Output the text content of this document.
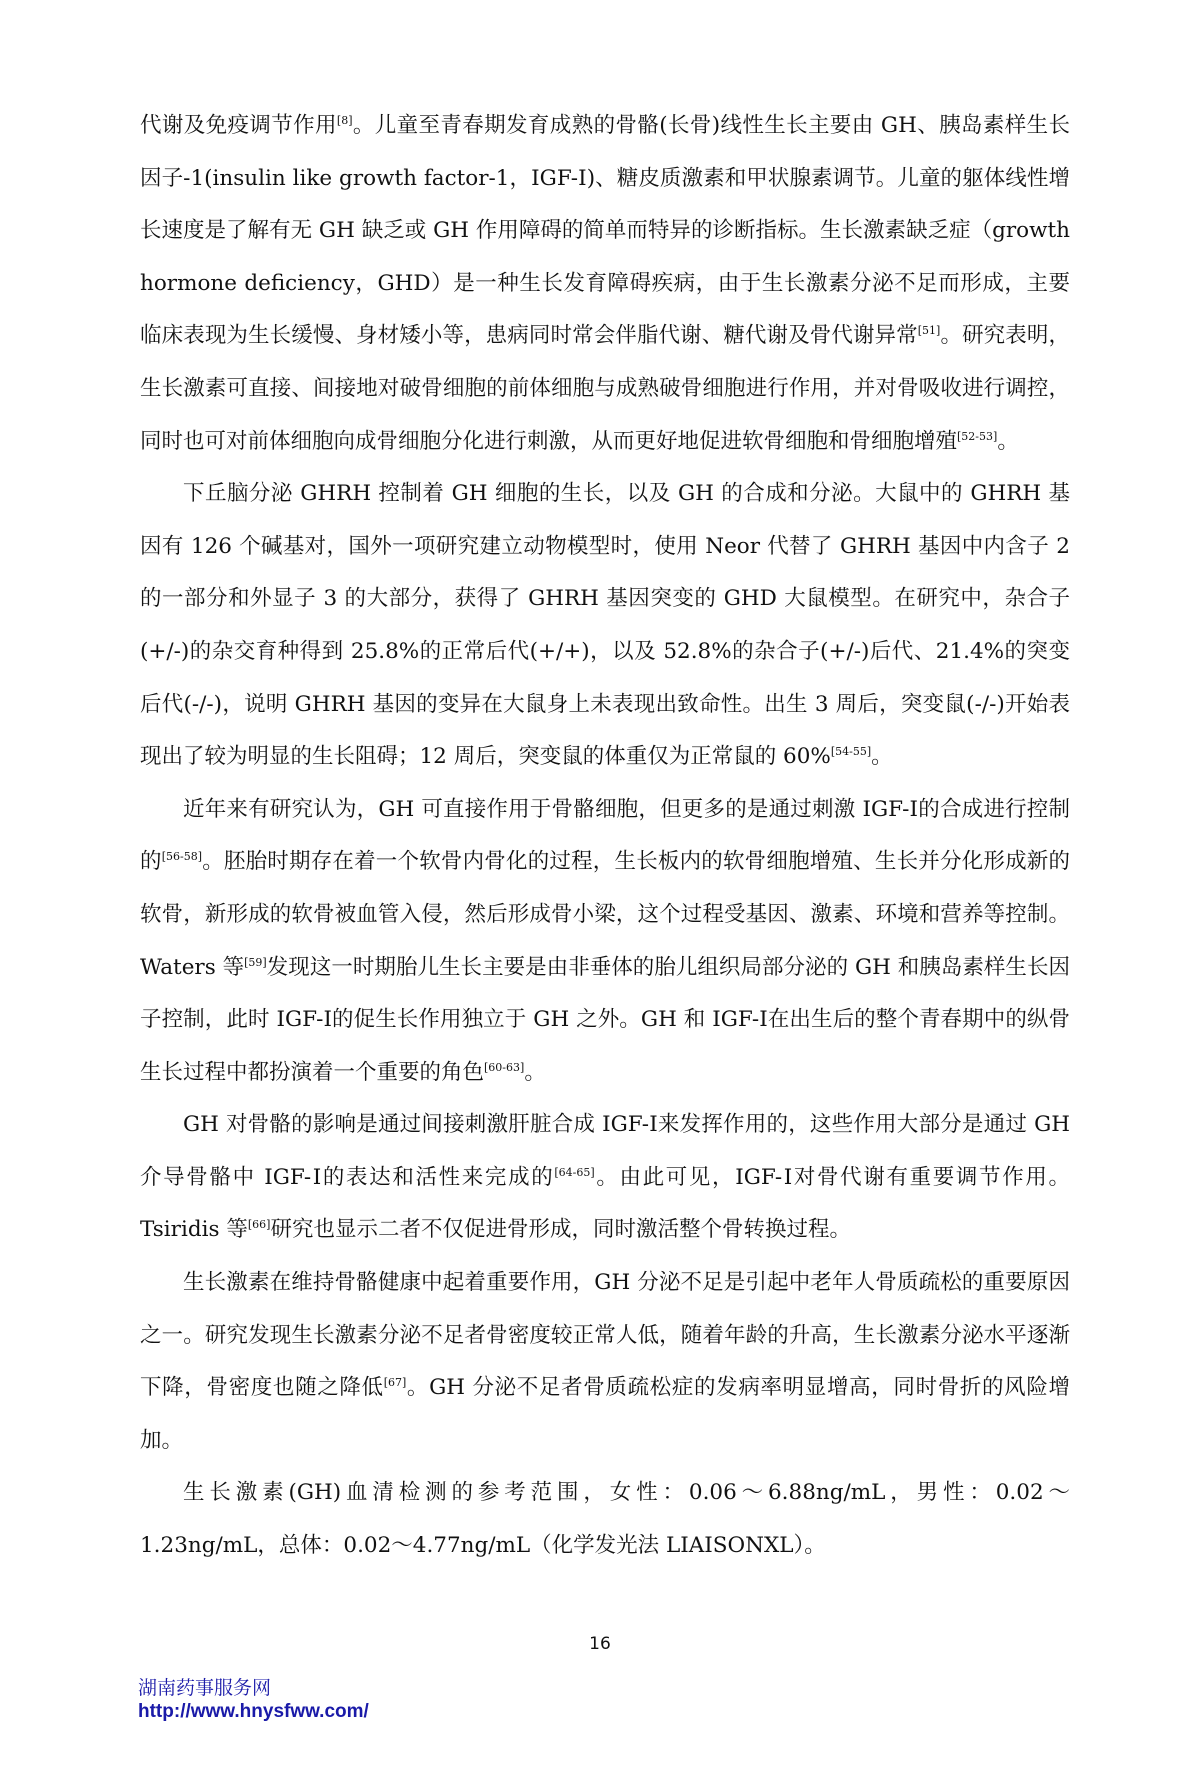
代谢及免疫调节作用[8]。儿童至青春期发育成熟的骨骼(长骨)线性生长主要由 GH、胰岛素样生长因子-1(insulin like growth factor-1，IGF-Ⅰ)、糖皮质激素和甲状腺素调节。儿童的躯体线性增长速度是了解有无 GH 缺乏或 GH 作用障碍的简单而特异的诊断指标。生长激素缺乏症（growth hormone deficiency，GHD）是一种生长发育障碍疾病，由于生长激素分泌不足而形成，主要临床表现为生长缓慢、身材矮小等，患病同时常会伴脂代谢、糖代谢及骨代谢异常[51]。研究表明，生长激素可直接、间接地对破骨细胞的前体细胞与成熟破骨细胞进行作用，并对骨吸收进行调控，同时也可对前体细胞向成骨细胞分化进行刺激，从而更好地促进软骨细胞和骨细胞增殖[52-53]。

下丘脑分泌 GHRH 控制着 GH 细胞的生长，以及 GH 的合成和分泌。大鼠中的 GHRH 基因有 126 个碱基对，国外一项研究建立动物模型时，使用 Neor 代替了 GHRH 基因中内含子 2 的一部分和外显子 3 的大部分，获得了 GHRH 基因突变的 GHD 大鼠模型。在研究中，杂合子(+/-)的杂交育种得到 25.8%的正常后代(+/+)，以及 52.8%的杂合子(+/-)后代、21.4%的突变后代(-/-)，说明 GHRH 基因的变异在大鼠身上未表现出致命性。出生 3 周后，突变鼠(-/-)开始表现出了较为明显的生长阻碍；12 周后，突变鼠的体重仅为正常鼠的 60%[54-55]。

近年来有研究认为，GH 可直接作用于骨骼细胞，但更多的是通过刺激 IGF-Ⅰ的合成进行控制的[56-58]。胚胎时期存在着一个软骨内骨化的过程，生长板内的软骨细胞增殖、生长并分化形成新的软骨，新形成的软骨被血管入侵，然后形成骨小梁，这个过程受基因、激素、环境和营养等控制。Waters 等[59]发现这一时期胎儿生长主要是由非垂体的胎儿组织局部分泌的 GH 和胰岛素样生长因子控制，此时 IGF-Ⅰ的促生长作用独立于 GH 之外。GH 和 IGF-Ⅰ在出生后的整个青春期中的纵骨生长过程中都扮演着一个重要的角色[60-63]。

GH 对骨骼的影响是通过间接刺激肝脏合成 IGF-Ⅰ来发挥作用的，这些作用大部分是通过 GH 介导骨骼中 IGF-Ⅰ的表达和活性来完成的[64-65]。由此可见，IGF-Ⅰ对骨代谢有重要调节作用。Tsiridis 等[66]研究也显示二者不仅促进骨形成，同时激活整个骨转换过程。

生长激素在维持骨骼健康中起着重要作用，GH 分泌不足是引起中老年人骨质疏松的重要原因之一。研究发现生长激素分泌不足者骨密度较正常人低，随着年龄的升高，生长激素分泌水平逐渐下降，骨密度也随之降低[67]。GH 分泌不足者骨质疏松症的发病率明显增高，同时骨折的风险增加。

生长激素(GH)血清检测的参考范围，女性：0.06～6.88ng/mL，男性：0.02～1.23ng/mL，总体：0.02～4.77ng/mL（化学发光法 LIAISONXL）。

16
湖南药事服务网
http://www.hnysfww.com/
